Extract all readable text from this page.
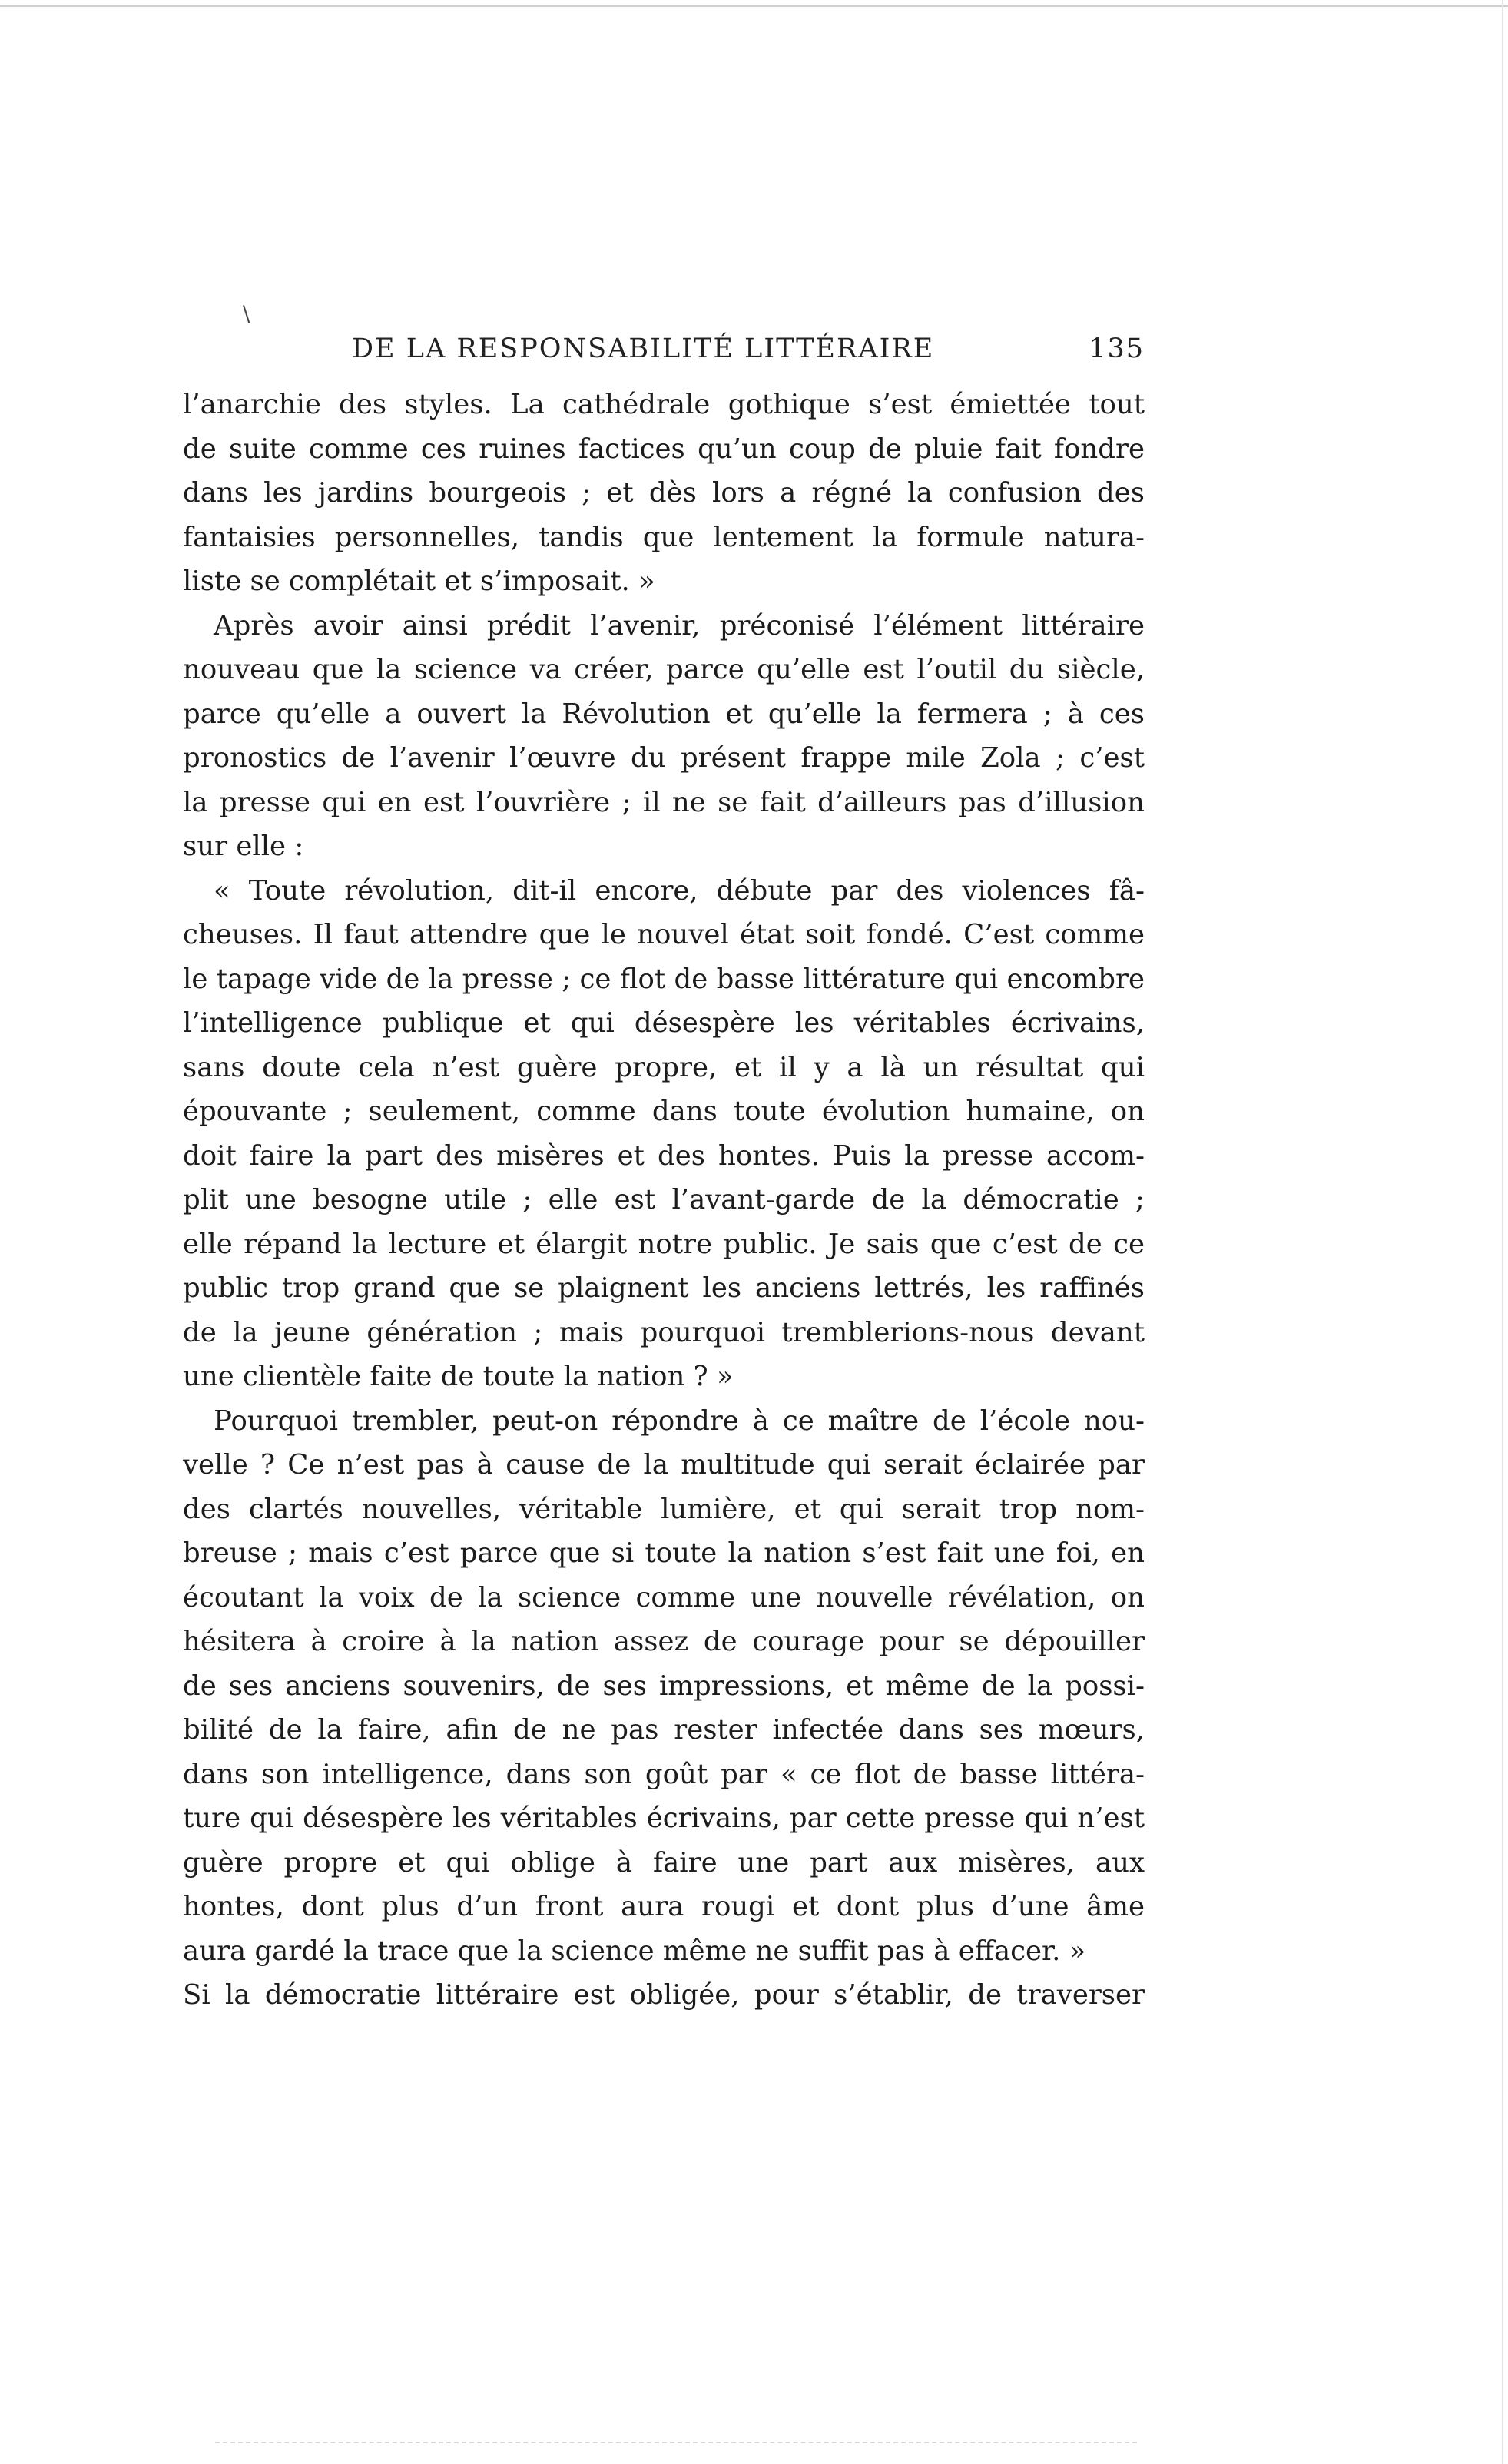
\
DE LA RESPONSABILITÉ LITTÉRAIRE	135
l’anarchie des styles. La cathédrale gothique s’est émiettée tout
de suite comme ces ruines factices qu’un coup de pluie fait fondre
dans les jardins bourgeois ; et dès lors a régné la confusion des
fantaisies personnelles, tandis que lentement la formule natura-
liste se complétait et s’imposait. »
Après avoir ainsi prédit l’avenir, préconisé l’élément littéraire
nouveau que la science va créer, parce qu’elle est l’outil du siècle,
parce qu’elle a ouvert la Révolution et qu’elle la fermera ; à ces
pronostics de l’avenir l’œuvre du présent frappe mile Zola ; c’est
la presse qui en est l’ouvrière ; il ne se fait d’ailleurs pas d’illusion
sur elle :
« Toute révolution, dit-il encore, débute par des violences fâ-
cheuses. Il faut attendre que le nouvel état soit fondé. C’est comme
le tapage vide de la presse ; ce flot de basse littérature qui encombre
l’intelligence publique et qui désespère les véritables écrivains,
sans doute cela n’est guère propre, et il y a là un résultat qui
épouvante ; seulement, comme dans toute évolution humaine, on
doit faire la part des misères et des hontes. Puis la presse accom-
plit une besogne utile ; elle est l’avant-garde de la démocratie ;
elle répand la lecture et élargit notre public. Je sais que c’est de ce
public trop grand que se plaignent les anciens lettrés, les raffinés
de la jeune génération ; mais pourquoi tremblerions-nous devant
une clientèle faite de toute la nation ? »
Pourquoi trembler, peut-on répondre à ce maître de l’école nou-
velle ? Ce n’est pas à cause de la multitude qui serait éclairée par
des clartés nouvelles, véritable lumière, et qui serait trop nom-
breuse ; mais c’est parce que si toute la nation s’est fait une foi, en
écoutant la voix de la science comme une nouvelle révélation, on
hésitera à croire à la nation assez de courage pour se dépouiller
de ses anciens souvenirs, de ses impressions, et même de la possi-
bilité de la faire, afin de ne pas rester infectée dans ses mœurs,
dans son intelligence, dans son goût par « ce flot de basse littéra-
ture qui désespère les véritables écrivains, par cette presse qui n’est
guère propre et qui oblige à faire une part aux misères, aux
hontes, dont plus d’un front aura rougi et dont plus d’une âme
aura gardé la trace que la science même ne suffit pas à effacer. »
Si la démocratie littéraire est obligée, pour s’établir, de traverser
